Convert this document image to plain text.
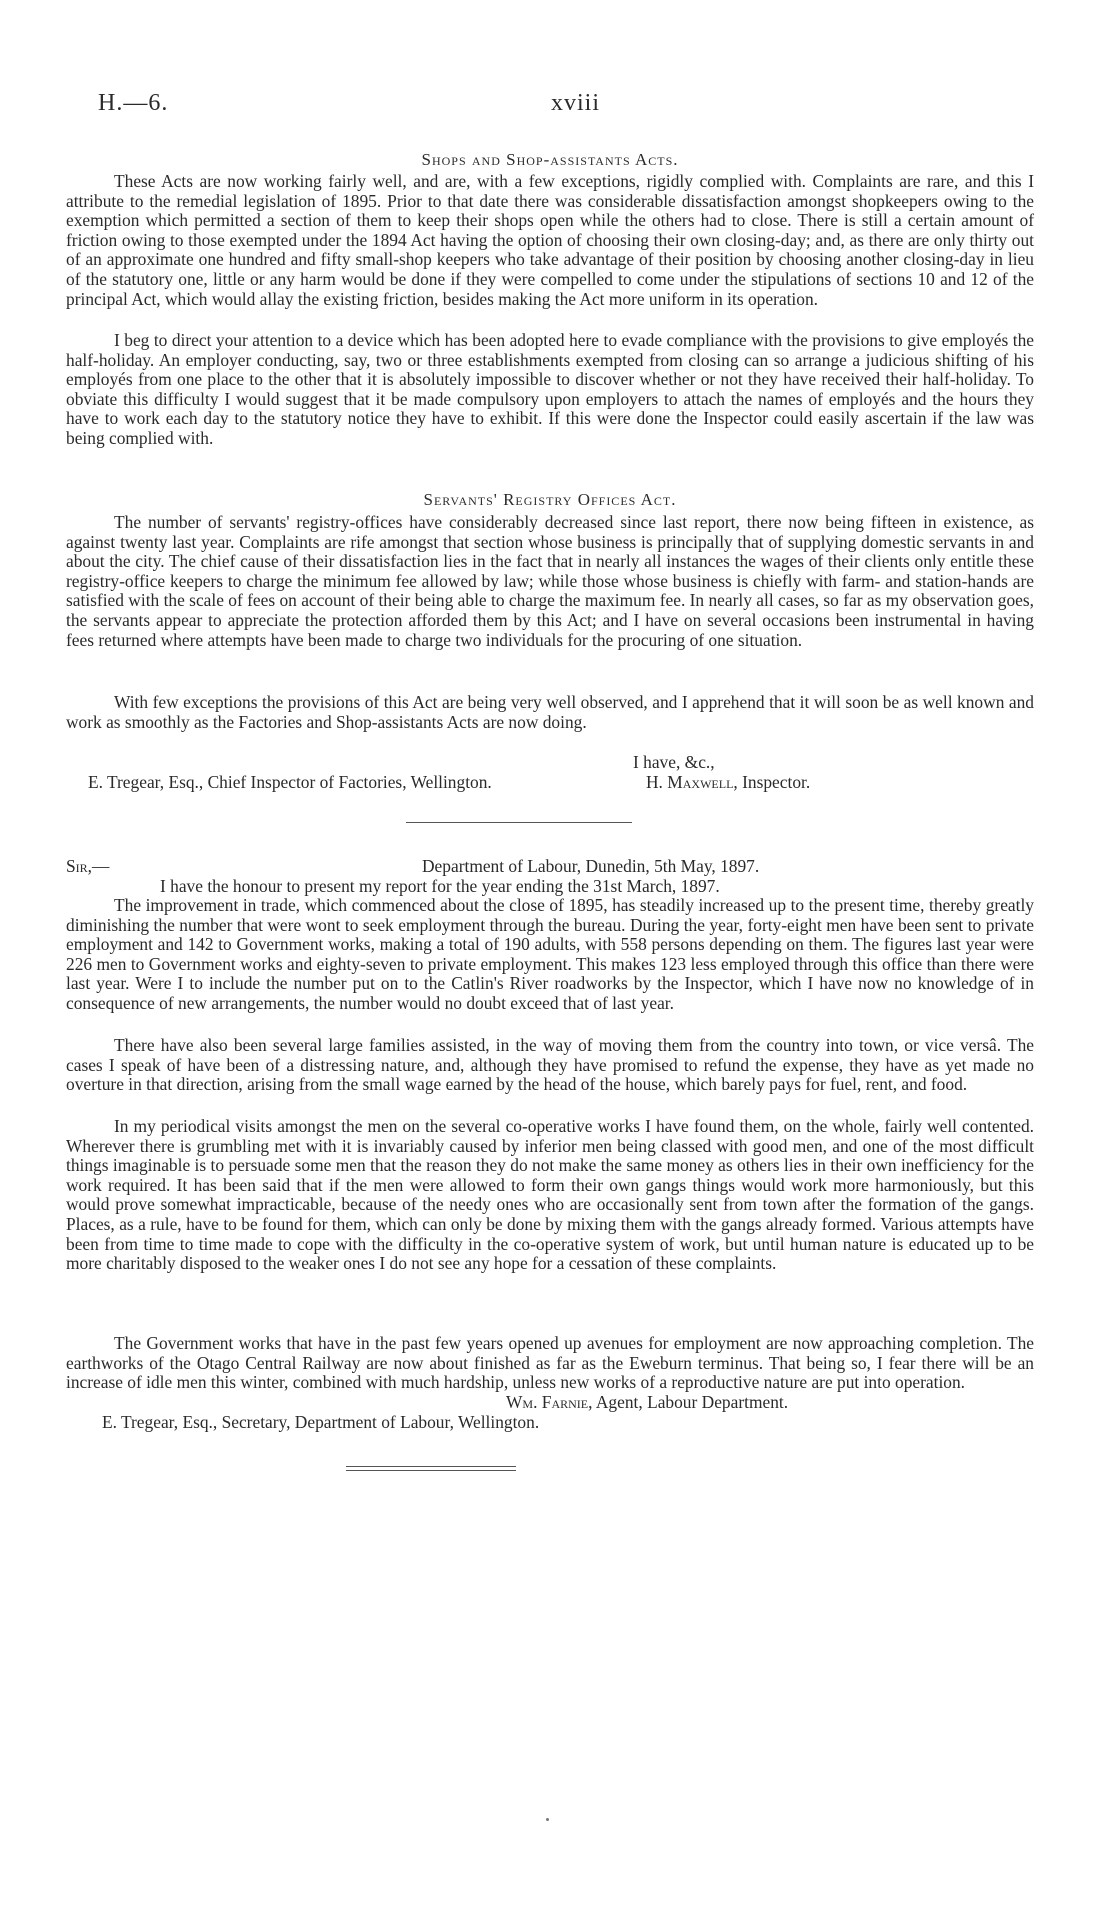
H.—6.	xviii
Shops and Shop-assistants Acts.

These Acts are now working fairly well, and are, with a few exceptions, rigidly complied with. Complaints are rare, and this I attribute to the remedial legislation of 1895. Prior to that date there was considerable dissatisfaction amongst shopkeepers owing to the exemption which permitted a section of them to keep their shops open while the others had to close. There is still a certain amount of friction owing to those exempted under the 1894 Act having the option of choosing their own closing-day; and, as there are only thirty out of an approximate one hundred and fifty small-shop keepers who take advantage of their position by choosing another closing-day in lieu of the statutory one, little or any harm would be done if they were compelled to come under the stipulations of sections 10 and 12 of the principal Act, which would allay the existing friction, besides making the Act more uniform in its operation.

I beg to direct your attention to a device which has been adopted here to evade compliance with the provisions to give employés the half-holiday. An employer conducting, say, two or three establishments exempted from closing can so arrange a judicious shifting of his employés from one place to the other that it is absolutely impossible to discover whether or not they have received their half-holiday. To obviate this difficulty I would suggest that it be made compulsory upon employers to attach the names of employés and the hours they have to work each day to the statutory notice they have to exhibit. If this were done the Inspector could easily ascertain if the law was being complied with.

Servants' Registry Offices Act.

The number of servants' registry-offices have considerably decreased since last report, there now being fifteen in existence, as against twenty last year. Complaints are rife amongst that section whose business is principally that of supplying domestic servants in and about the city. The chief cause of their dissatisfaction lies in the fact that in nearly all instances the wages of their clients only entitle these registry-office keepers to charge the minimum fee allowed by law; while those whose business is chiefly with farm- and station-hands are satisfied with the scale of fees on account of their being able to charge the maximum fee. In nearly all cases, so far as my observation goes, the servants appear to appreciate the protection afforded them by this Act; and I have on several occasions been instrumental in having fees returned where attempts have been made to charge two individuals for the procuring of one situation.

With few exceptions the provisions of this Act are being very well observed, and I apprehend that it will soon be as well known and work as smoothly as the Factories and Shop-assistants Acts are now doing.

I have, &c.,
E. Tregear, Esq., Chief Inspector of Factories, Wellington.	H. Maxwell, Inspector.
Sir,—	Department of Labour, Dunedin, 5th May, 1897.
I have the honour to present my report for the year ending the 31st March, 1897.

The improvement in trade, which commenced about the close of 1895, has steadily increased up to the present time, thereby greatly diminishing the number that were wont to seek employment through the bureau. During the year, forty-eight men have been sent to private employment and 142 to Government works, making a total of 190 adults, with 558 persons depending on them. The figures last year were 226 men to Government works and eighty-seven to private employment. This makes 123 less employed through this office than there were last year. Were I to include the number put on to the Catlin's River roadworks by the Inspector, which I have now no knowledge of in consequence of new arrangements, the number would no doubt exceed that of last year.

There have also been several large families assisted, in the way of moving them from the country into town, or vice versâ. The cases I speak of have been of a distressing nature, and, although they have promised to refund the expense, they have as yet made no overture in that direction, arising from the small wage earned by the head of the house, which barely pays for fuel, rent, and food.

In my periodical visits amongst the men on the several co-operative works I have found them, on the whole, fairly well contented. Wherever there is grumbling met with it is invariably caused by inferior men being classed with good men, and one of the most difficult things imaginable is to persuade some men that the reason they do not make the same money as others lies in their own inefficiency for the work required. It has been said that if the men were allowed to form their own gangs things would work more harmoniously, but this would prove somewhat impracticable, because of the needy ones who are occasionally sent from town after the formation of the gangs. Places, as a rule, have to be found for them, which can only be done by mixing them with the gangs already formed. Various attempts have been from time to time made to cope with the difficulty in the co-operative system of work, but until human nature is educated up to be more charitably disposed to the weaker ones I do not see any hope for a cessation of these complaints.

The Government works that have in the past few years opened up avenues for employment are now approaching completion. The earthworks of the Otago Central Railway are now about finished as far as the Eweburn terminus. That being so, I fear there will be an increase of idle men this winter, combined with much hardship, unless new works of a reproductive nature are put into operation.

Wm. Farnie, Agent, Labour Department.
E. Tregear, Esq., Secretary, Department of Labour, Wellington.
